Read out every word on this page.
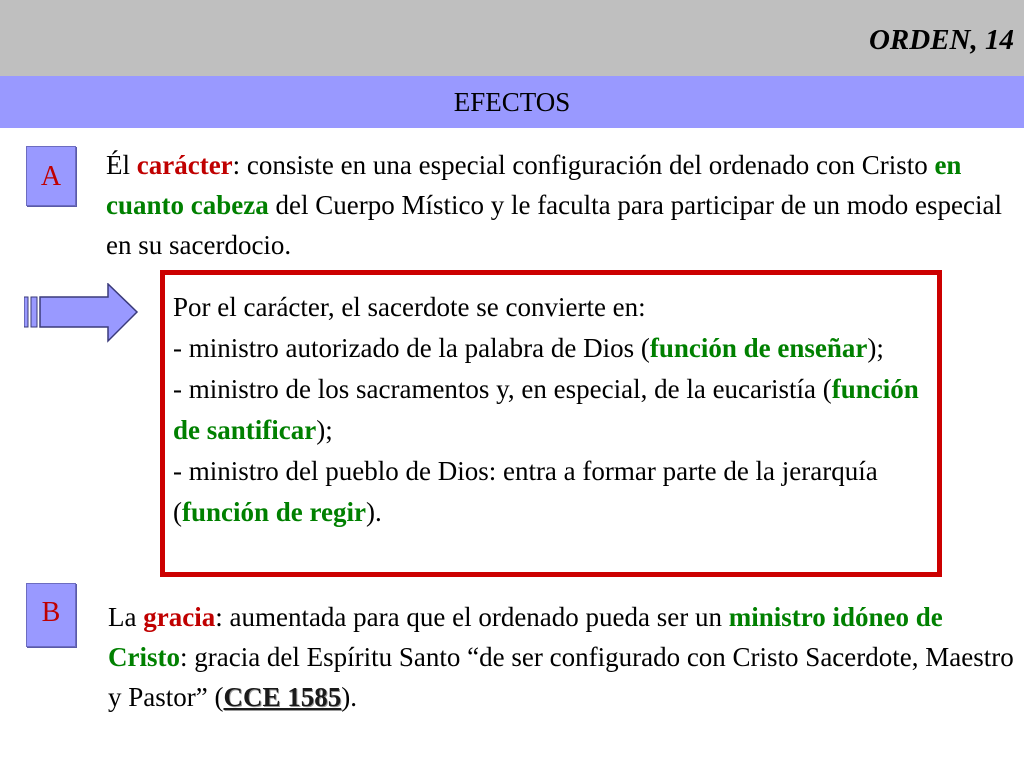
ORDEN, 14
EFECTOS
A	Él carácter: consiste en una especial configuración del ordenado con Cristo en cuanto cabeza del Cuerpo Místico y le faculta para participar de un modo especial en su sacerdocio.
Por el carácter, el sacerdote se convierte en:
- ministro autorizado de la palabra de Dios (función de enseñar);
- ministro de los sacramentos y, en especial, de la eucaristía (función de santificar);
- ministro del pueblo de Dios: entra a formar parte de la jerarquía (función de regir).
B	La gracia: aumentada para que el ordenado pueda ser un ministro idóneo de Cristo: gracia del Espíritu Santo “de ser configurado con Cristo Sacerdote, Maestro y Pastor” (CCE 1585).
